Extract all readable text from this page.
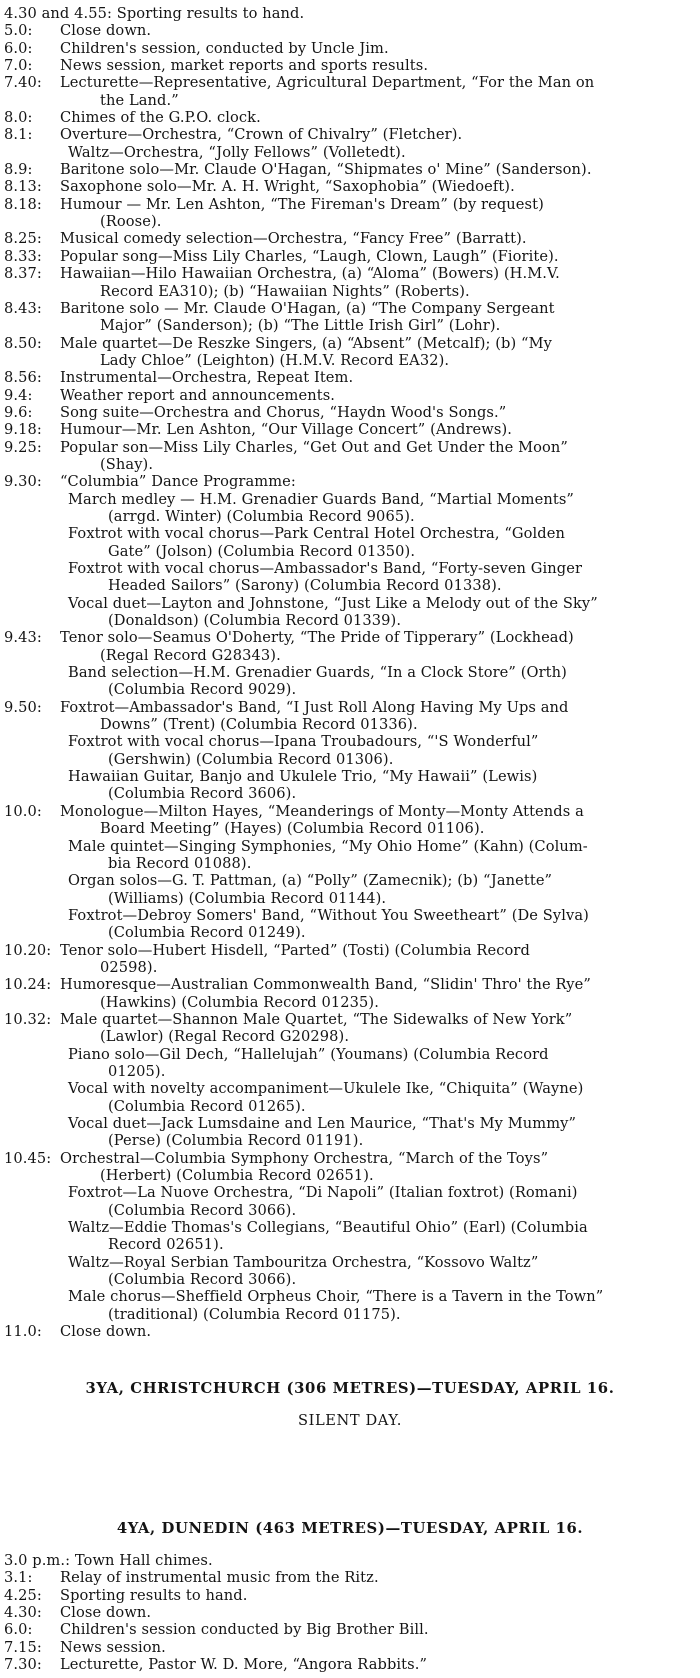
4.30 and 4.55: Sporting results to hand.
5.0: Close down.
6.0: Children's session, conducted by Uncle Jim.
7.0: News session, market reports and sports results.
7.40: Lecturette—Representative, Agricultural Department, “For the Man on
the Land.”
8.0: Chimes of the G.P.O. clock.
8.1: Overture—Orchestra, “Crown of Chivalry” (Fletcher).
Waltz—Orchestra, “Jolly Fellows” (Volletedt).
8.9: Baritone solo—Mr. Claude O'Hagan, “Shipmates o' Mine” (Sanderson).
8.13: Saxophone solo—Mr. A. H. Wright, “Saxophobia” (Wiedoeft).
8.18: Humour — Mr. Len Ashton, “The Fireman's Dream” (by request)
(Roose).
8.25: Musical comedy selection—Orchestra, “Fancy Free” (Barratt).
8.33: Popular song—Miss Lily Charles, “Laugh, Clown, Laugh” (Fiorite).
8.37: Hawaiian—Hilo Hawaiian Orchestra, (a) “Aloma” (Bowers) (H.M.V.
Record EA310); (b) “Hawaiian Nights” (Roberts).
8.43: Baritone solo — Mr. Claude O'Hagan, (a) “The Company Sergeant
Major” (Sanderson); (b) “The Little Irish Girl” (Lohr).
8.50: Male quartet—De Reszke Singers, (a) “Absent” (Metcalf); (b) “My
Lady Chloe” (Leighton) (H.M.V. Record EA32).
8.56: Instrumental—Orchestra, Repeat Item.
9.4: Weather report and announcements.
9.6: Song suite—Orchestra and Chorus, “Haydn Wood's Songs.”
9.18: Humour—Mr. Len Ashton, “Our Village Concert” (Andrews).
9.25: Popular son—Miss Lily Charles, “Get Out and Get Under the Moon”
(Shay).
9.30: “Columbia” Dance Programme:
March medley — H.M. Grenadier Guards Band, “Martial Moments”
(arrgd. Winter) (Columbia Record 9065).
Foxtrot with vocal chorus—Park Central Hotel Orchestra, “Golden
Gate” (Jolson) (Columbia Record 01350).
Foxtrot with vocal chorus—Ambassador's Band, “Forty-seven Ginger
Headed Sailors” (Sarony) (Columbia Record 01338).
Vocal duet—Layton and Johnstone, “Just Like a Melody out of the Sky”
(Donaldson) (Columbia Record 01339).
9.43: Tenor solo—Seamus O'Doherty, “The Pride of Tipperary” (Lockhead)
(Regal Record G28343).
Band selection—H.M. Grenadier Guards, “In a Clock Store” (Orth)
(Columbia Record 9029).
9.50: Foxtrot—Ambassador's Band, “I Just Roll Along Having My Ups and
Downs” (Trent) (Columbia Record 01336).
Foxtrot with vocal chorus—Ipana Troubadours, “'S Wonderful”
(Gershwin) (Columbia Record 01306).
Hawaiian Guitar, Banjo and Ukulele Trio, “My Hawaii” (Lewis)
(Columbia Record 3606).
10.0: Monologue—Milton Hayes, “Meanderings of Monty—Monty Attends a
Board Meeting” (Hayes) (Columbia Record 01106).
Male quintet—Singing Symphonies, “My Ohio Home” (Kahn) (Colum-
bia Record 01088).
Organ solos—G. T. Pattman, (a) “Polly” (Zamecnik); (b) “Janette”
(Williams) (Columbia Record 01144).
Foxtrot—Debroy Somers' Band, “Without You Sweetheart” (De Sylva)
(Columbia Record 01249).
10.20: Tenor solo—Hubert Hisdell, “Parted” (Tosti) (Columbia Record
02598).
10.24: Humoresque—Australian Commonwealth Band, “Slidin' Thro' the Rye”
(Hawkins) (Columbia Record 01235).
10.32: Male quartet—Shannon Male Quartet, “The Sidewalks of New York”
(Lawlor) (Regal Record G20298).
Piano solo—Gil Dech, “Hallelujah” (Youmans) (Columbia Record
01205).
Vocal with novelty accompaniment—Ukulele Ike, “Chiquita” (Wayne)
(Columbia Record 01265).
Vocal duet—Jack Lumsdaine and Len Maurice, “That's My Mummy”
(Perse) (Columbia Record 01191).
10.45: Orchestral—Columbia Symphony Orchestra, “March of the Toys”
(Herbert) (Columbia Record 02651).
Foxtrot—La Nuove Orchestra, “Di Napoli” (Italian foxtrot) (Romani)
(Columbia Record 3066).
Waltz—Eddie Thomas's Collegians, “Beautiful Ohio” (Earl) (Columbia
Record 02651).
Waltz—Royal Serbian Tambouritza Orchestra, “Kossovo Waltz”
(Columbia Record 3066).
Male chorus—Sheffield Orpheus Choir, “There is a Tavern in the Town”
(traditional) (Columbia Record 01175).
11.0: Close down.
3YA, CHRISTCHURCH (306 METRES)—TUESDAY, APRIL 16.
SILENT DAY.
4YA, DUNEDIN (463 METRES)—TUESDAY, APRIL 16.
3.0 p.m.: Town Hall chimes.
3.1: Relay of instrumental music from the Ritz.
4.25: Sporting results to hand.
4.30: Close down.
6.0: Children's session conducted by Big Brother Bill.
7.15: News session.
7.30: Lecturette, Pastor W. D. More, “Angora Rabbits.”
